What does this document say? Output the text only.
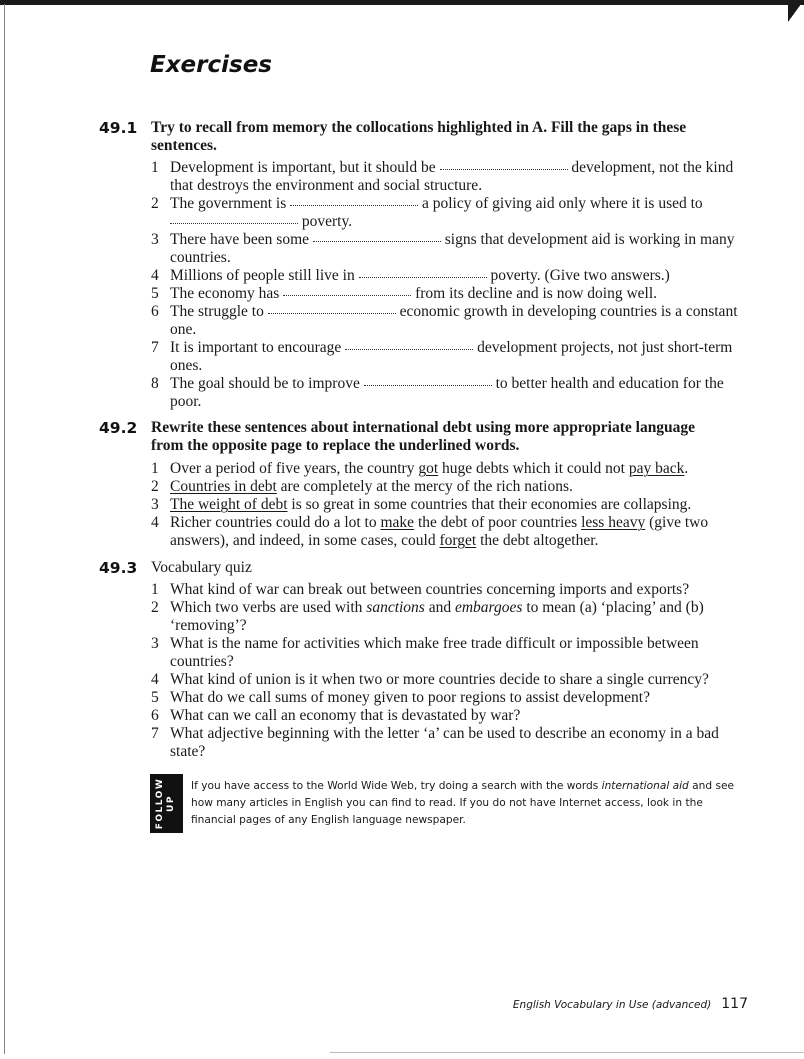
Exercises
49.1 Try to recall from memory the collocations highlighted in A. Fill the gaps in these sentences.

1 Development is important, but it should be	development, not the kind that destroys the environment and social structure.
2 The government is	a policy of giving aid only where it is used to
poverty.
3 There have been some	signs that development aid is working in many countries.
4 Millions of people still live in	poverty. (Give two answers.)
5 The economy has	from its decline and is now doing well.
6 The struggle to	economic growth in developing countries is a constant one.
7 It is important to encourage	development projects, not just short-term ones.
8 The goal should be to improve	to better health and education for the poor.
49.2 Rewrite these sentences about international debt using more appropriate language from the opposite page to replace the underlined words.

1 Over a period of five years, the country got huge debts which it could not pay back.
2 Countries in debt are completely at the mercy of the rich nations.
3 The weight of debt is so great in some countries that their economies are collapsing.
4 Richer countries could do a lot to make the debt of poor countries less heavy (give two answers), and indeed, in some cases, could forget the debt altogether.
49.3 Vocabulary quiz

1 What kind of war can break out between countries concerning imports and exports?
2 Which two verbs are used with sanctions and embargoes to mean (a) ‘placing’ and (b) ‘removing’?
3 What is the name for activities which make free trade difficult or impossible between countries?
4 What kind of union is it when two or more countries decide to share a single currency?
5 What do we call sums of money given to poor regions to assist development?
6 What can we call an economy that is devastated by war?
7 What adjective beginning with the letter ‘a’ can be used to describe an economy in a bad state?
FOLLOW UP

If you have access to the World Wide Web, try doing a search with the words international aid and see how many articles in English you can find to read. If you do not have Internet access, look in the financial pages of any English language newspaper.

English Vocabulary in Use (advanced) 117
